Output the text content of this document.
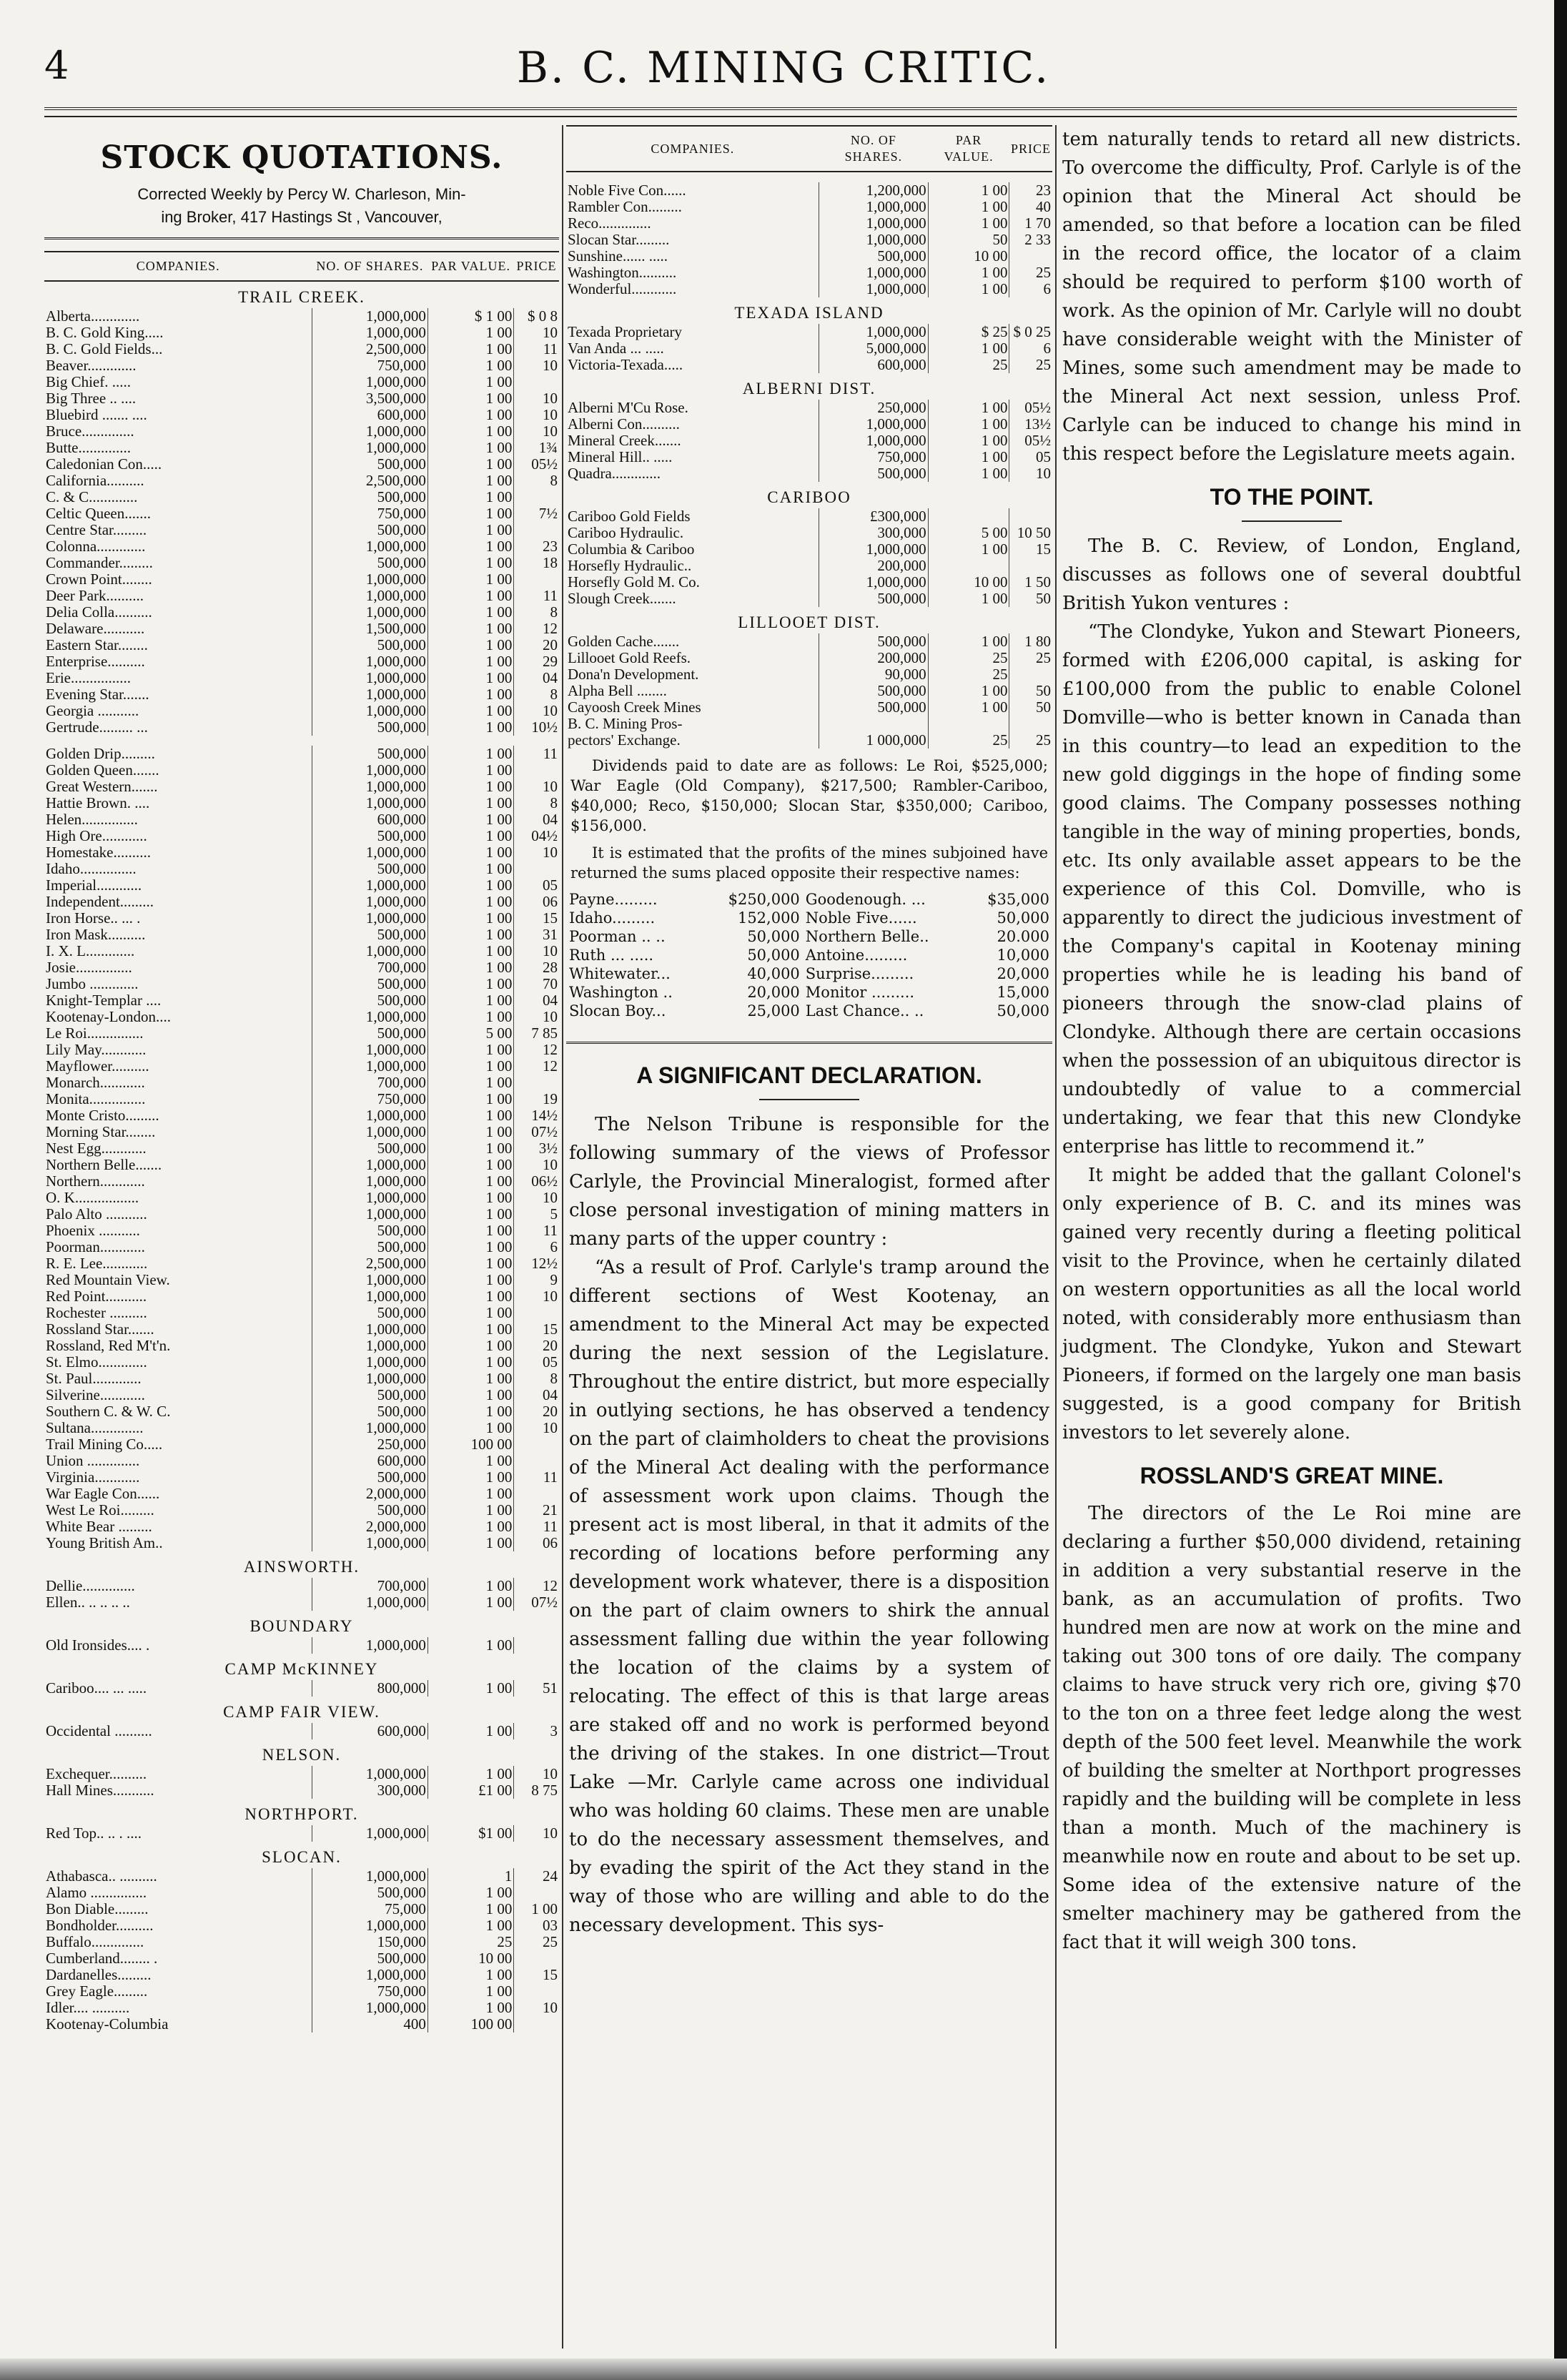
4	B. C. MINING CRITIC.
STOCK QUOTATIONS.
Corrected Weekly by Percy W. Charleson, Min-
ing Broker, 417 Hastings St , Vancouver,
COMPANIES.	NO. OF SHARES.	PAR VALUE.	PRICE
TRAIL CREEK.			
Alberta.............	1,000,000	$ 1 00	$ 0 8
B. C. Gold King.....	1,000,000	1 00	10
B. C. Gold Fields...	2,500,000	1 00	11
Beaver.............	750,000	1 00	10
Big Chief. .....	1,000,000	1 00	
Big Three .. ....	3,500,000	1 00	10
Bluebird ....... ....	600,000	1 00	10
Bruce..............	1,000,000	1 00	10
Butte..............	1,000,000	1 00	1¾
Caledonian Con.....	500,000	1 00	05½
California..........	2,500,000	1 00	8
C. & C.............	500,000	1 00	
Celtic Queen.......	750,000	1 00	7½
Centre Star.........	500,000	1 00	
Colonna.............	1,000,000	1 00	23
Commander.........	500,000	1 00	18
Crown Point........	1,000,000	1 00	
Deer Park..........	1,000,000	1 00	11
Delia Colla..........	1,000,000	1 00	8
Delaware...........	1,500,000	1 00	12
Eastern Star........	500,000	1 00	20
Enterprise..........	1,000,000	1 00	29
Erie................	1,000,000	1 00	04
Evening Star.......	1,000,000	1 00	8
Georgia ...........	1,000,000	1 00	10
Gertrude......... ...	500,000	1 00	10½

Golden Drip.........	500,000	1 00	11
Golden Queen.......	1,000,000	1 00	
Great Western.......	1,000,000	1 00	10
Hattie Brown. ....	1,000,000	1 00	8
Helen...............	600,000	1 00	04
High Ore............	500,000	1 00	04½
Homestake..........	1,000,000	1 00	10
Idaho...............	500,000	1 00	
Imperial............	1,000,000	1 00	05
Independent.........	1,000,000	1 00	06
Iron Horse.. ... .	1,000,000	1 00	15
Iron Mask..........	500,000	1 00	31
I. X. L.............	1,000,000	1 00	10
Josie...............	700,000	1 00	28
Jumbo .............	500,000	1 00	70
Knight-Templar ....	500,000	1 00	04
Kootenay-London....	1,000,000	1 00	10
Le Roi...............	500,000	5 00	7 85
Lily May............	1,000,000	1 00	12
Mayflower..........	1,000,000	1 00	12
Monarch............	700,000	1 00	
Monita...............	750,000	1 00	19
Monte Cristo.........	1,000,000	1 00	14½
Morning Star........	1,000,000	1 00	07½
Nest Egg............	500,000	1 00	3½
Northern Belle.......	1,000,000	1 00	10
Northern............	1,000,000	1 00	06½
O. K.................	1,000,000	1 00	10
Palo Alto ...........	1,000,000	1 00	5
Phoenix ...........	500,000	1 00	11
Poorman............	500,000	1 00	6
R. E. Lee............	2,500,000	1 00	12½
Red Mountain View.	1,000,000	1 00	9
Red Point...........	1,000,000	1 00	10
Rochester ..........	500,000	1 00	
Rossland Star.......	1,000,000	1 00	15
Rossland, Red M't'n.	1,000,000	1 00	20
St. Elmo.............	1,000,000	1 00	05
St. Paul.............	1,000,000	1 00	8
Silverine............	500,000	1 00	04
Southern C. & W. C.	500,000	1 00	20
Sultana..............	1,000,000	1 00	10
Trail Mining Co.....	250,000	100 00	
Union ..............	600,000	1 00	
Virginia............	500,000	1 00	11
War Eagle Con......	2,000,000	1 00	
West Le Roi.........	500,000	1 00	21
White Bear .........	2,000,000	1 00	11
Young British Am..	1,000,000	1 00	06
AINSWORTH.			
Dellie..............	700,000	1 00	12
Ellen.. .. .. .. ..	1,000,000	1 00	07½
BOUNDARY			
Old Ironsides.... .	1,000,000	1 00	
CAMP McKINNEY			
Cariboo.... ... .....	800,000	1 00	51
CAMP FAIR VIEW.			
Occidental ..........	600,000	1 00	3
NELSON.			
Exchequer..........	1,000,000	1 00	10
Hall Mines...........	300,000	£1 00	8 75
NORTHPORT.			
Red Top.. .. . ....	1,000,000	$1 00	10
SLOCAN.			
Athabasca.. ..........	1,000,000	1	24
Alamo ...............	500,000	1 00	
Bon Diable.........	75,000	1 00	1 00
Bondholder..........	1,000,000	1 00	03
Buffalo..............	150,000	25	25
Cumberland........ .	500,000	10 00	
Dardanelles.........	1,000,000	1 00	15
Grey Eagle.........	750,000	1 00	
Idler.... ..........	1,000,000	1 00	10
Kootenay-Columbia	400	100 00	
COMPANIES.	NO. OF SHARES.	PAR VALUE.	PRICE

Noble Five Con......	1,200,000	1 00	23
Rambler Con.........	1,000,000	1 00	40
Reco..............	1,000,000	1 00	1 70
Slocan Star.........	1,000,000	50	2 33
Sunshine...... .....	500,000	10 00	
Washington..........	1,000,000	1 00	25
Wonderful............	1,000,000	1 00	6
TEXADA ISLAND			
Texada Proprietary	1,000,000	$ 25	$ 0 25
Van Anda ... .....	5,000,000	1 00	6
Victoria-Texada.....	600,000	25	25
ALBERNI DIST.			
Alberni M'Cu Rose.	250,000	1 00	05½
Alberni Con..........	1,000,000	1 00	13½
Mineral Creek.......	1,000,000	1 00	05½
Mineral Hill.. .....	750,000	1 00	05
Quadra.............	500,000	1 00	10
CARIBOO			
Cariboo Gold Fields	£300,000		
Cariboo Hydraulic.	300,000	5 00	10 50
Columbia & Cariboo	1,000,000	1 00	15
Horsefly Hydraulic..	200,000		
Horsefly Gold M. Co.	1,000,000	10 00	1 50
Slough Creek.......	500,000	1 00	50
LILLOOET DIST.			
Golden Cache.......	500,000	1 00	1 80
Lillooet Gold Reefs.	200,000	25	25
Dona'n Development.	90,000	25	
Alpha Bell ........	500,000	1 00	50
Cayoosh Creek Mines	500,000	1 00	50
B. C. Mining Pros-			
pectors' Exchange.	1 000,000	25	25
Dividends paid to date are as follows: Le Roi, $525,000; War Eagle (Old Company), $217,500; Rambler-Cariboo, $40,000; Reco, $150,000; Slocan Star, $350,000; Cariboo, $156,000.
It is estimated that the profits of the mines subjoined have returned the sums placed opposite their respective names:
Payne.........	$250,000	Goodenough. ...	$35,000
Idaho.........	152,000	Noble Five......	50,000
Poorman .. ..	50,000	Northern Belle..	20.000
Ruth ... .....	50,000	Antoine.........	10,000
Whitewater...	40,000	Surprise.........	20,000
Washington ..	20,000	Monitor .........	15,000
Slocan Boy...	25,000	Last Chance.. ..	50,000
A SIGNIFICANT DECLARATION.

The Nelson Tribune is responsible for the following summary of the views of Professor Carlyle, the Provincial Mineralogist, formed after close personal investigation of mining matters in many parts of the upper country :

“As a result of Prof. Carlyle's tramp around the different sections of West Kootenay, an amendment to the Mineral Act may be expected during the next session of the Legislature. Throughout the entire district, but more especially in outlying sections, he has observed a tendency on the part of claimholders to cheat the provisions of the Mineral Act dealing with the performance of assessment work upon claims. Though the present act is most liberal, in that it admits of the recording of locations before performing any development work whatever, there is a disposition on the part of claim owners to shirk the annual assessment falling due within the year following the location of the claims by a system of relocating. The effect of this is that large areas are staked off and no work is performed beyond the driving of the stakes. In one district—Trout Lake —Mr. Carlyle came across one individual who was holding 60 claims. These men are unable to do the necessary assessment themselves, and by evading the spirit of the Act they stand in the way of those who are willing and able to do the necessary development. This sys-

tem naturally tends to retard all new districts. To overcome the difficulty, Prof. Carlyle is of the opinion that the Mineral Act should be amended, so that before a location can be filed in the record office, the locator of a claim should be required to perform $100 worth of work. As the opinion of Mr. Carlyle will no doubt have considerable weight with the Minister of Mines, some such amendment may be made to the Mineral Act next session, unless Prof. Carlyle can be induced to change his mind in this respect before the Legislature meets again.

TO THE POINT.

The B. C. Review, of London, England, discusses as follows one of several doubtful British Yukon ventures :

“The Clondyke, Yukon and Stewart Pioneers, formed with £206,000 capital, is asking for £100,000 from the public to enable Colonel Domville—who is better known in Canada than in this country—to lead an expedition to the new gold diggings in the hope of finding some good claims. The Company possesses nothing tangible in the way of mining properties, bonds, etc. Its only available asset appears to be the experience of this Col. Domville, who is apparently to direct the judicious investment of the Company's capital in Kootenay mining properties while he is leading his band of pioneers through the snow-clad plains of Clondyke. Although there are certain occasions when the possession of an ubiquitous director is undoubtedly of value to a commercial undertaking, we fear that this new Clondyke enterprise has little to recommend it.”

It might be added that the gallant Colonel's only experience of B. C. and its mines was gained very recently during a fleeting political visit to the Province, when he certainly dilated on western opportunities as all the local world noted, with considerably more enthusiasm than judgment. The Clondyke, Yukon and Stewart Pioneers, if formed on the largely one man basis suggested, is a good company for British investors to let severely alone.

ROSSLAND'S GREAT MINE.

The directors of the Le Roi mine are declaring a further $50,000 dividend, retaining in addition a very substantial reserve in the bank, as an accumulation of profits. Two hundred men are now at work on the mine and taking out 300 tons of ore daily. The company claims to have struck very rich ore, giving $70 to the ton on a three feet ledge along the west depth of the 500 feet level. Meanwhile the work of building the smelter at Northport progresses rapidly and the building will be complete in less than a month. Much of the machinery is meanwhile now en route and about to be set up. Some idea of the extensive nature of the smelter machinery may be gathered from the fact that it will weigh 300 tons.
